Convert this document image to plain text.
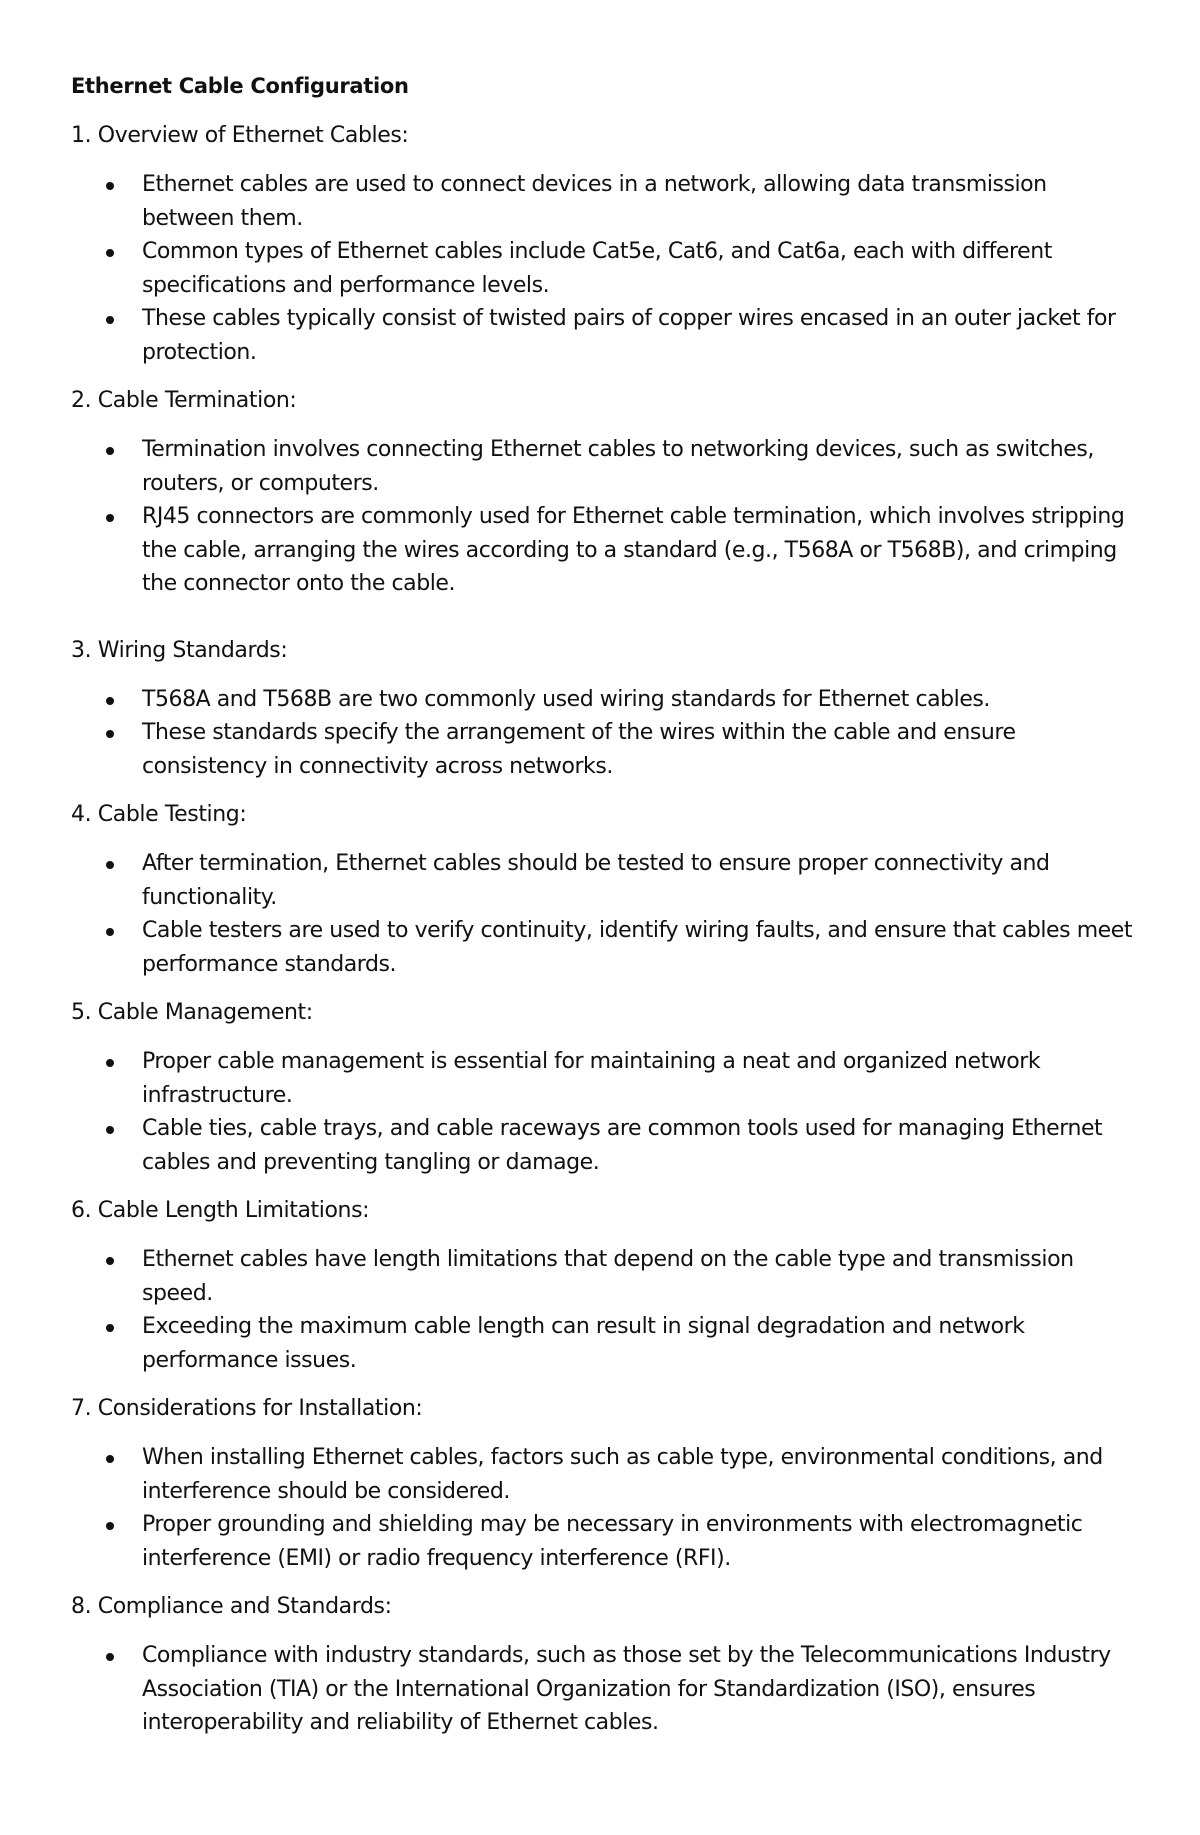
Ethernet Cable Configuration
1. Overview of Ethernet Cables:
Ethernet cables are used to connect devices in a network, allowing data transmission between them.
Common types of Ethernet cables include Cat5e, Cat6, and Cat6a, each with different specifications and performance levels.
These cables typically consist of twisted pairs of copper wires encased in an outer jacket for protection.
2. Cable Termination:
Termination involves connecting Ethernet cables to networking devices, such as switches, routers, or computers.
RJ45 connectors are commonly used for Ethernet cable termination, which involves stripping the cable, arranging the wires according to a standard (e.g., T568A or T568B), and crimping the connector onto the cable.
3. Wiring Standards:
T568A and T568B are two commonly used wiring standards for Ethernet cables.
These standards specify the arrangement of the wires within the cable and ensure consistency in connectivity across networks.
4. Cable Testing:
After termination, Ethernet cables should be tested to ensure proper connectivity and functionality.
Cable testers are used to verify continuity, identify wiring faults, and ensure that cables meet performance standards.
5. Cable Management:
Proper cable management is essential for maintaining a neat and organized network infrastructure.
Cable ties, cable trays, and cable raceways are common tools used for managing Ethernet cables and preventing tangling or damage.
6. Cable Length Limitations:
Ethernet cables have length limitations that depend on the cable type and transmission speed.
Exceeding the maximum cable length can result in signal degradation and network performance issues.
7. Considerations for Installation:
When installing Ethernet cables, factors such as cable type, environmental conditions, and interference should be considered.
Proper grounding and shielding may be necessary in environments with electromagnetic interference (EMI) or radio frequency interference (RFI).
8. Compliance and Standards:
Compliance with industry standards, such as those set by the Telecommunications Industry Association (TIA) or the International Organization for Standardization (ISO), ensures interoperability and reliability of Ethernet cables.
